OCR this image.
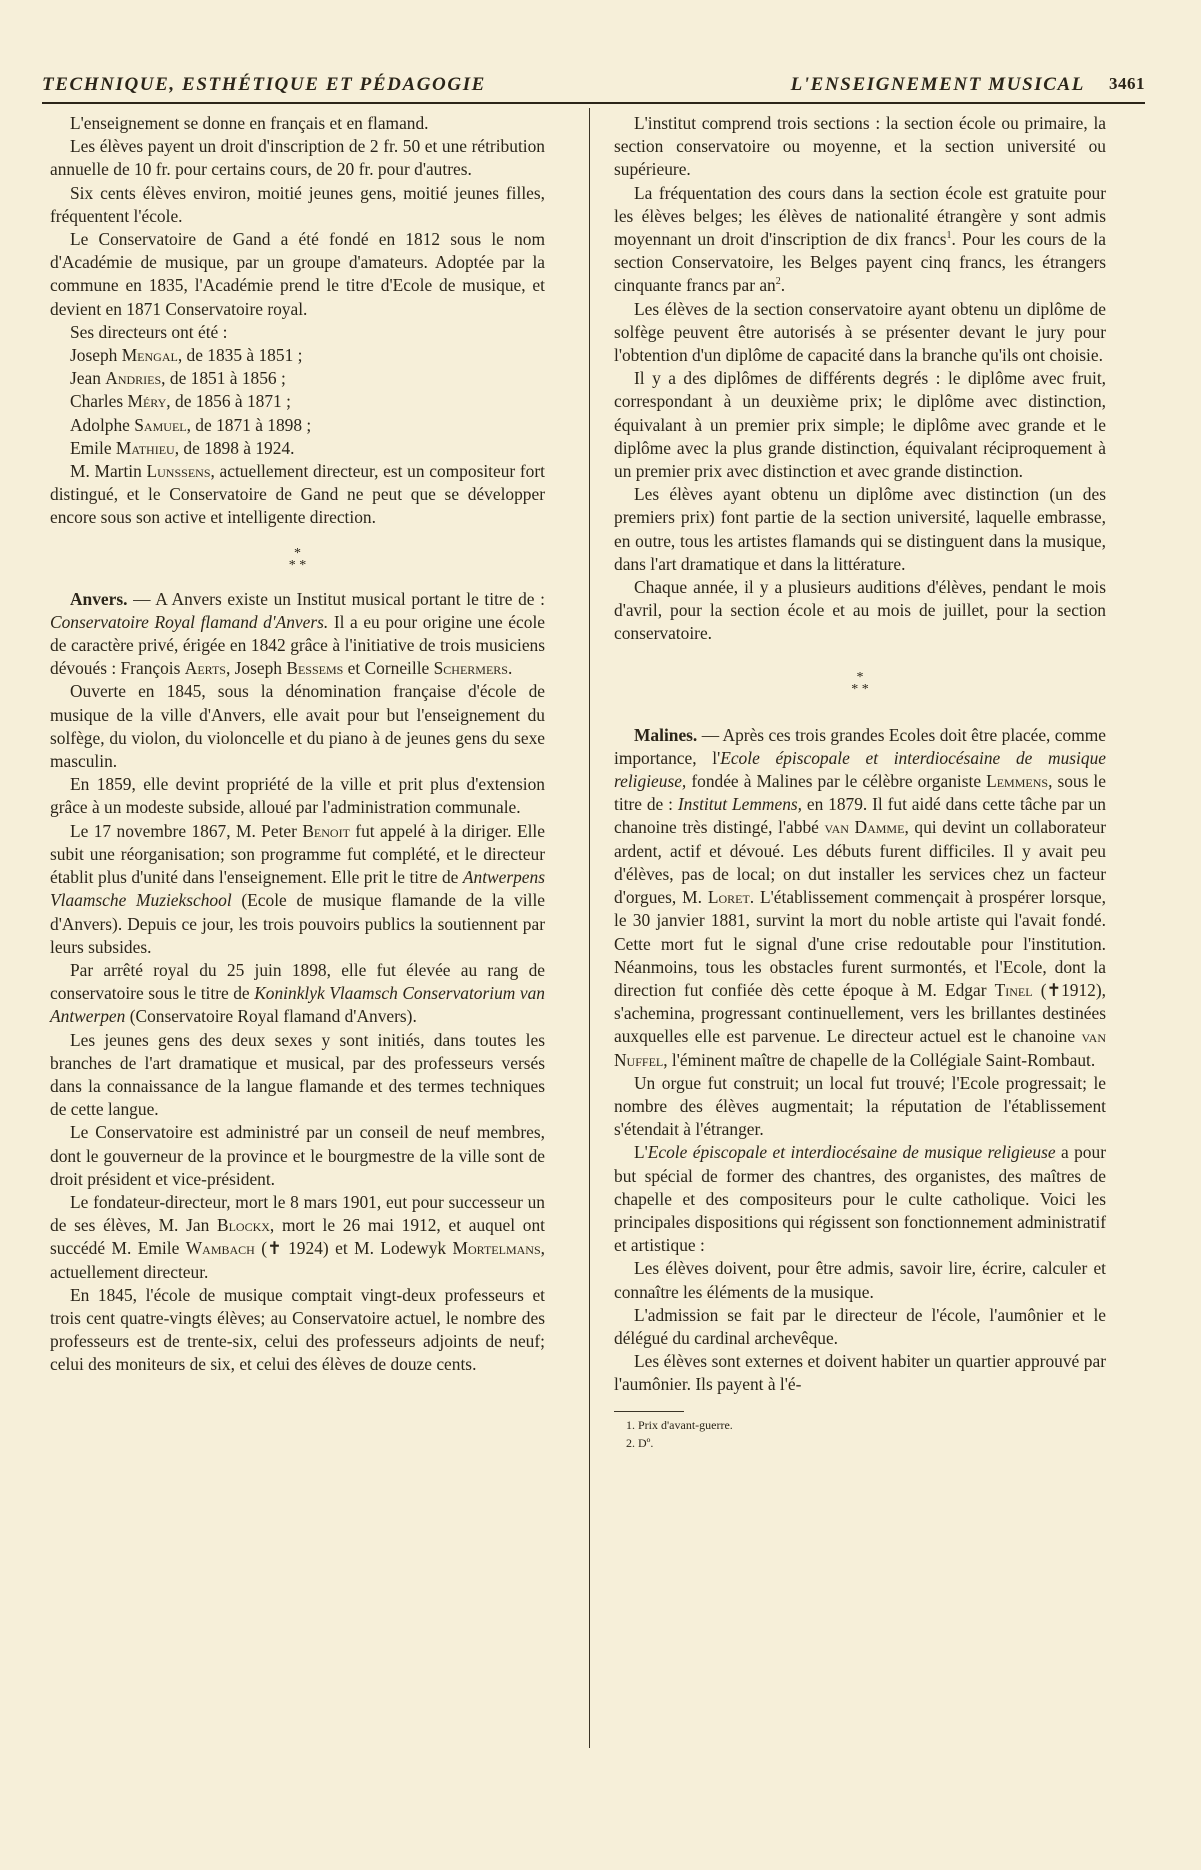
TECHNIQUE, ESTHÉTIQUE ET PÉDAGOGIE	L'ENSEIGNEMENT MUSICAL 3461

L'enseignement se donne en français et en flamand.

Les élèves payent un droit d'inscription de 2 fr. 50 et une rétribution annuelle de 10 fr. pour certains cours, de 20 fr. pour d'autres.

Six cents élèves environ, moitié jeunes gens, moitié jeunes filles, fréquentent l'école.

Le Conservatoire de Gand a été fondé en 1812 sous le nom d'Académie de musique, par un groupe d'amateurs. Adoptée par la commune en 1835, l'Académie prend le titre d'Ecole de musique, et devient en 1871 Conservatoire royal.

Ses directeurs ont été :

Joseph Mengal, de 1835 à 1851 ;

Jean Andries, de 1851 à 1856 ;

Charles Méry, de 1856 à 1871 ;

Adolphe Samuel, de 1871 à 1898 ;

Emile Mathieu, de 1898 à 1924.

M. Martin Lunssens, actuellement directeur, est un compositeur fort distingué, et le Conservatoire de Gand ne peut que se développer encore sous son active et intelligente direction.

*
* *

Anvers. — A Anvers existe un Institut musical portant le titre de : Conservatoire Royal flamand d'Anvers. Il a eu pour origine une école de caractère privé, érigée en 1842 grâce à l'initiative de trois musiciens dévoués : François Aerts, Joseph Bessems et Corneille Schermers.

Ouverte en 1845, sous la dénomination française d'école de musique de la ville d'Anvers, elle avait pour but l'enseignement du solfège, du violon, du violoncelle et du piano à de jeunes gens du sexe masculin.

En 1859, elle devint propriété de la ville et prit plus d'extension grâce à un modeste subside, alloué par l'administration communale.

Le 17 novembre 1867, M. Peter Benoit fut appelé à la diriger. Elle subit une réorganisation; son programme fut complété, et le directeur établit plus d'unité dans l'enseignement. Elle prit le titre de Antwerpens Vlaamsche Muziekschool (Ecole de musique flamande de la ville d'Anvers). Depuis ce jour, les trois pouvoirs publics la soutiennent par leurs subsides.

Par arrêté royal du 25 juin 1898, elle fut élevée au rang de conservatoire sous le titre de Koninklyk Vlaamsch Conservatorium van Antwerpen (Conservatoire Royal flamand d'Anvers).

Les jeunes gens des deux sexes y sont initiés, dans toutes les branches de l'art dramatique et musical, par des professeurs versés dans la connaissance de la langue flamande et des termes techniques de cette langue.

Le Conservatoire est administré par un conseil de neuf membres, dont le gouverneur de la province et le bourgmestre de la ville sont de droit président et vice-président.

Le fondateur-directeur, mort le 8 mars 1901, eut pour successeur un de ses élèves, M. Jan Blockx, mort le 26 mai 1912, et auquel ont succédé M. Emile Wambach (✝ 1924) et M. Lodewyk Mortelmans, actuellement directeur.

En 1845, l'école de musique comptait vingt-deux professeurs et trois cent quatre-vingts élèves; au Conservatoire actuel, le nombre des professeurs est de trente-six, celui des professeurs adjoints de neuf; celui des moniteurs de six, et celui des élèves de douze cents.

L'institut comprend trois sections : la section école ou primaire, la section conservatoire ou moyenne, et la section université ou supérieure.

La fréquentation des cours dans la section école est gratuite pour les élèves belges; les élèves de nationalité étrangère y sont admis moyennant un droit d'inscription de dix francs$^1$. Pour les cours de la section Conservatoire, les Belges payent cinq francs, les étrangers cinquante francs par $an^2$.

Les élèves de la section conservatoire ayant obtenu un diplôme de solfège peuvent être autorisés à se présenter devant le jury pour l'obtention d'un diplôme de capacité dans la branche qu'ils ont choisie.

Il y a des diplômes de différents degrés : le diplôme avec fruit, correspondant à un deuxième prix; le diplôme avec distinction, équivalant à un premier prix simple; le diplôme avec grande et le diplôme avec la plus grande distinction, équivalant réciproquement à un premier prix avec distinction et avec grande distinction.

Les élèves ayant obtenu un diplôme avec distinction (un des premiers prix) font partie de la section université, laquelle embrasse, en outre, tous les artistes flamands qui se distinguent dans la musique, dans l'art dramatique et dans la littérature.

Chaque année, il y a plusieurs auditions d'élèves, pendant le mois d'avril, pour la section école et au mois de juillet, pour la section conservatoire.

*
* *

Malines. — Après ces trois grandes Ecoles doit être placée, comme importance, l'Ecole épiscopale et interdiocésaine de musique religieuse, fondée à Malines par le célèbre organiste Lemmens, sous le titre de : Institut Lemmens, en 1879. Il fut aidé dans cette tâche par un chanoine très distingé, l'abbé van Damme, qui devint un collaborateur ardent, actif et dévoué. Les débuts furent difficiles. Il y avait peu d'élèves, pas de local; on dut installer les services chez un facteur d'orgues, M. Loret. L'établissement commençait à prospérer lorsque, le 30 janvier 1881, survint la mort du noble artiste qui l'avait fondé. Cette mort fut le signal d'une crise redoutable pour l'institution. Néanmoins, tous les obstacles furent surmontés, et l'Ecole, dont la direction fut confiée dès cette époque à M. Edgar Tinel (✝1912), s'achemina, progressant continuellement, vers les brillantes destinées auxquelles elle est parvenue. Le directeur actuel est le chanoine van Nuffel, l'éminent maître de chapelle de la Collégiale Saint-Rombaut.

Un orgue fut construit; un local fut trouvé; l'Ecole progressait; le nombre des élèves augmentait; la réputation de l'établissement s'étendait à l'étranger.

L'Ecole épiscopale et interdiocésaine de musique religieuse a pour but spécial de former des chantres, des organistes, des maîtres de chapelle et des compositeurs pour le culte catholique. Voici les principales dispositions qui régissent son fonctionnement administratif et artistique :

Les élèves doivent, pour être admis, savoir lire, écrire, calculer et connaître les éléments de la musique.

L'admission se fait par le directeur de l'école, l'aumônier et le délégué du cardinal archevêque.

Les élèves sont externes et doivent habiter un quartier approuvé par l'aumônier. Ils payent à l'é-

1. Prix d'avant-guerre.

2. Dº.
